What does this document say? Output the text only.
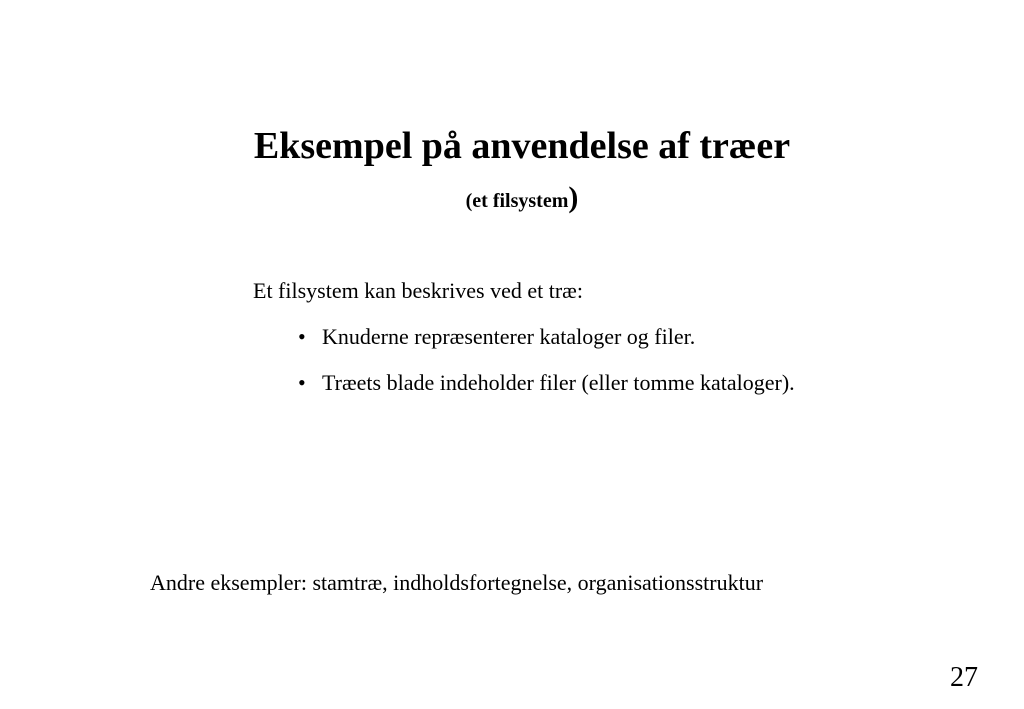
Eksempel på anvendelse af træer
(et filsystem)
Et filsystem kan beskrives ved et træ:
• Knuderne repræsenterer kataloger og filer.
• Træets blade indeholder filer (eller tomme kataloger).
Andre eksempler: stamtræ, indholdsfortegnelse, organisationsstruktur
27
